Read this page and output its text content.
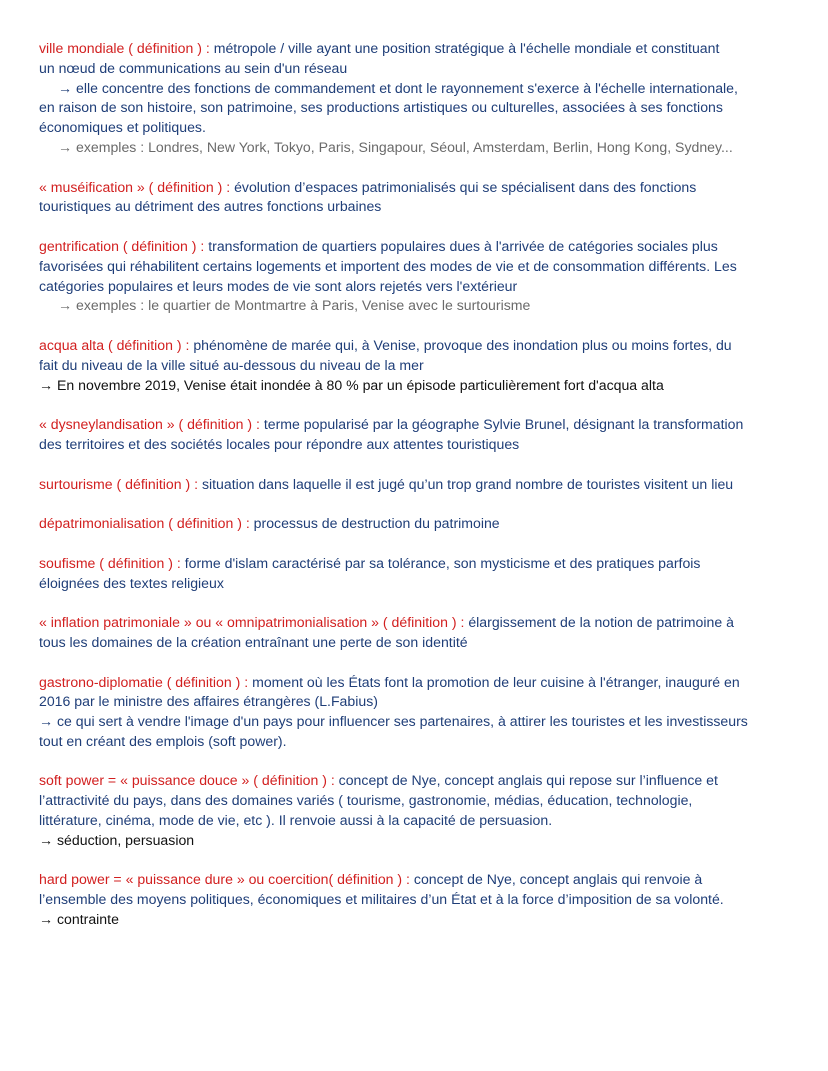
ville mondiale ( définition ) : métropole / ville ayant une position stratégique à l'échelle mondiale et constituant
un nœud de communications au sein d'un réseau
→ elle concentre des fonctions de commandement et dont le rayonnement s'exerce à l'échelle internationale,
en raison de son histoire, son patrimoine, ses productions artistiques ou culturelles, associées à ses fonctions
économiques et politiques.
→ exemples : Londres, New York, Tokyo, Paris, Singapour, Séoul, Amsterdam, Berlin, Hong Kong, Sydney...
« muséification » ( définition ) : évolution d’espaces patrimonialisés qui se spécialisent dans des fonctions
touristiques au détriment des autres fonctions urbaines
gentrification ( définition ) : transformation de quartiers populaires dues à l'arrivée de catégories sociales plus
favorisées qui réhabilitent certains logements et importent des modes de vie et de consommation différents. Les
catégories populaires et leurs modes de vie sont alors rejetés vers l'extérieur
→ exemples : le quartier de Montmartre à Paris, Venise avec le surtourisme
acqua alta ( définition ) : phénomène de marée qui, à Venise, provoque des inondation plus ou moins fortes, du
fait du niveau de la ville situé au-dessous du niveau de la mer
→ En novembre 2019, Venise était inondée à 80 % par un épisode particulièrement fort d'acqua alta
« dysneylandisation » ( définition ) : terme popularisé par la géographe Sylvie Brunel, désignant la transformation
des territoires et des sociétés locales pour répondre aux attentes touristiques
surtourisme ( définition ) : situation dans laquelle il est jugé qu’un trop grand nombre de touristes visitent un lieu
dépatrimonialisation ( définition ) : processus de destruction du patrimoine
soufisme ( définition ) : forme d'islam caractérisé par sa tolérance, son mysticisme et des pratiques parfois
éloignées des textes religieux
« inflation patrimoniale » ou « omnipatrimonialisation » ( définition ) : élargissement de la notion de patrimoine à
tous les domaines de la création entraînant une perte de son identité
gastrono-diplomatie ( définition ) : moment où les États font la promotion de leur cuisine à l'étranger, inauguré en
2016 par le ministre des affaires étrangères (L.Fabius)
→ ce qui sert à vendre l'image d'un pays pour influencer ses partenaires, à attirer les touristes et les investisseurs
tout en créant des emplois (soft power).
soft power = « puissance douce » ( définition ) : concept de Nye, concept anglais qui repose sur l’influence et
l’attractivité du pays, dans des domaines variés ( tourisme, gastronomie, médias, éducation, technologie,
littérature, cinéma, mode de vie, etc ). Il renvoie aussi à la capacité de persuasion.
→ séduction, persuasion
hard power = « puissance dure » ou coercition( définition ) : concept de Nye, concept anglais qui renvoie à
l’ensemble des moyens politiques, économiques et militaires d’un État et à la force d’imposition de sa volonté.
→ contrainte
